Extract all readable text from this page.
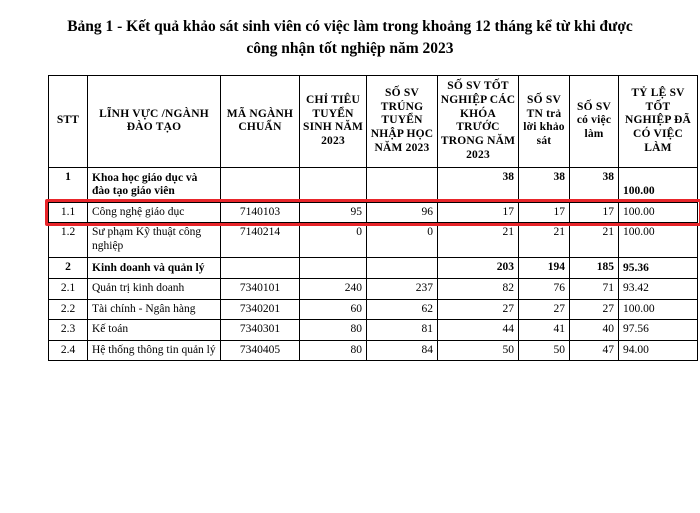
Bảng 1 - Kết quả khảo sát sinh viên có việc làm trong khoảng 12 tháng kể từ khi được công nhận tốt nghiệp năm 2023
STT	LĨNH VỰC /NGÀNH ĐÀO TẠO	MÃ NGÀNH CHUẨN	CHỈ TIÊU TUYỂN SINH NĂM 2023	SỐ SV TRÚNG TUYỂN NHẬP HỌC NĂM 2023	SỐ SV TỐT NGHIỆP CÁC KHÓA TRƯỚC TRONG NĂM 2023	SỐ SV TN trả lời khảo sát	SỐ SV có việc làm	TỶ LỆ SV TỐT NGHIỆP ĐÃ CÓ VIỆC LÀM
1	Khoa học giáo dục và đào tạo giáo viên				38	38	38	100.00
1.1	Công nghệ giáo dục	7140103	95	96	17	17	17	100.00
1.2	Sư phạm Kỹ thuật công nghiệp	7140214	0	0	21	21	21	100.00
2	Kinh doanh và quản lý				203	194	185	95.36
2.1	Quản trị kinh doanh	7340101	240	237	82	76	71	93.42
2.2	Tài chính - Ngân hàng	7340201	60	62	27	27	27	100.00
2.3	Kế toán	7340301	80	81	44	41	40	97.56
2.4	Hệ thống thông tin quản lý	7340405	80	84	50	50	47	94.00
